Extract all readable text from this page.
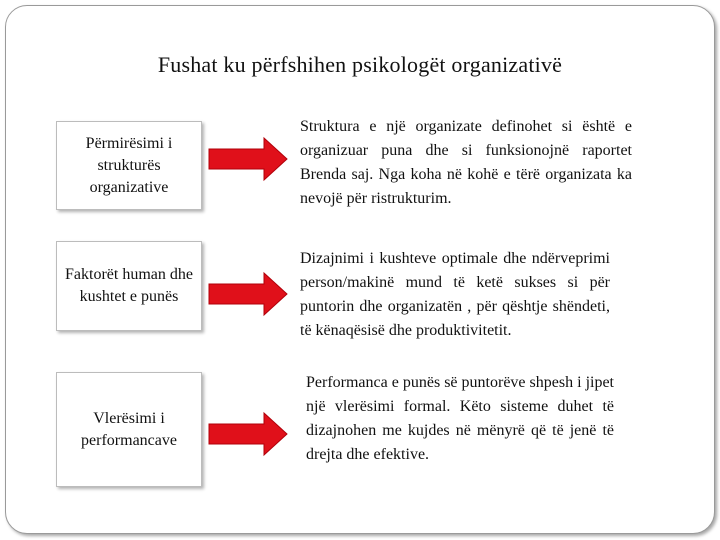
Fushat ku përfshihen psikologët organizativë
Përmirësimi i
strukturës
organizative
Struktura e një organizate definohet si është e organizuar puna dhe si funksionojnë raportet Brenda saj. Nga koha në kohë e tërë organizata ka nevojë për ristrukturim.
Faktorët human dhe
kushtet e punës
Dizajnimi i kushteve optimale dhe ndërveprimi person/makinë mund të ketë sukses si për puntorin dhe organizatën , për qështje shëndeti, të kënaqësisë dhe produktivitetit.
Vlerësimi i
performancave
Performanca e punës së puntorëve shpesh i jipet një vlerësimi formal. Këto sisteme duhet të dizajnohen me kujdes në mënyrë që të jenë të drejta dhe efektive.
